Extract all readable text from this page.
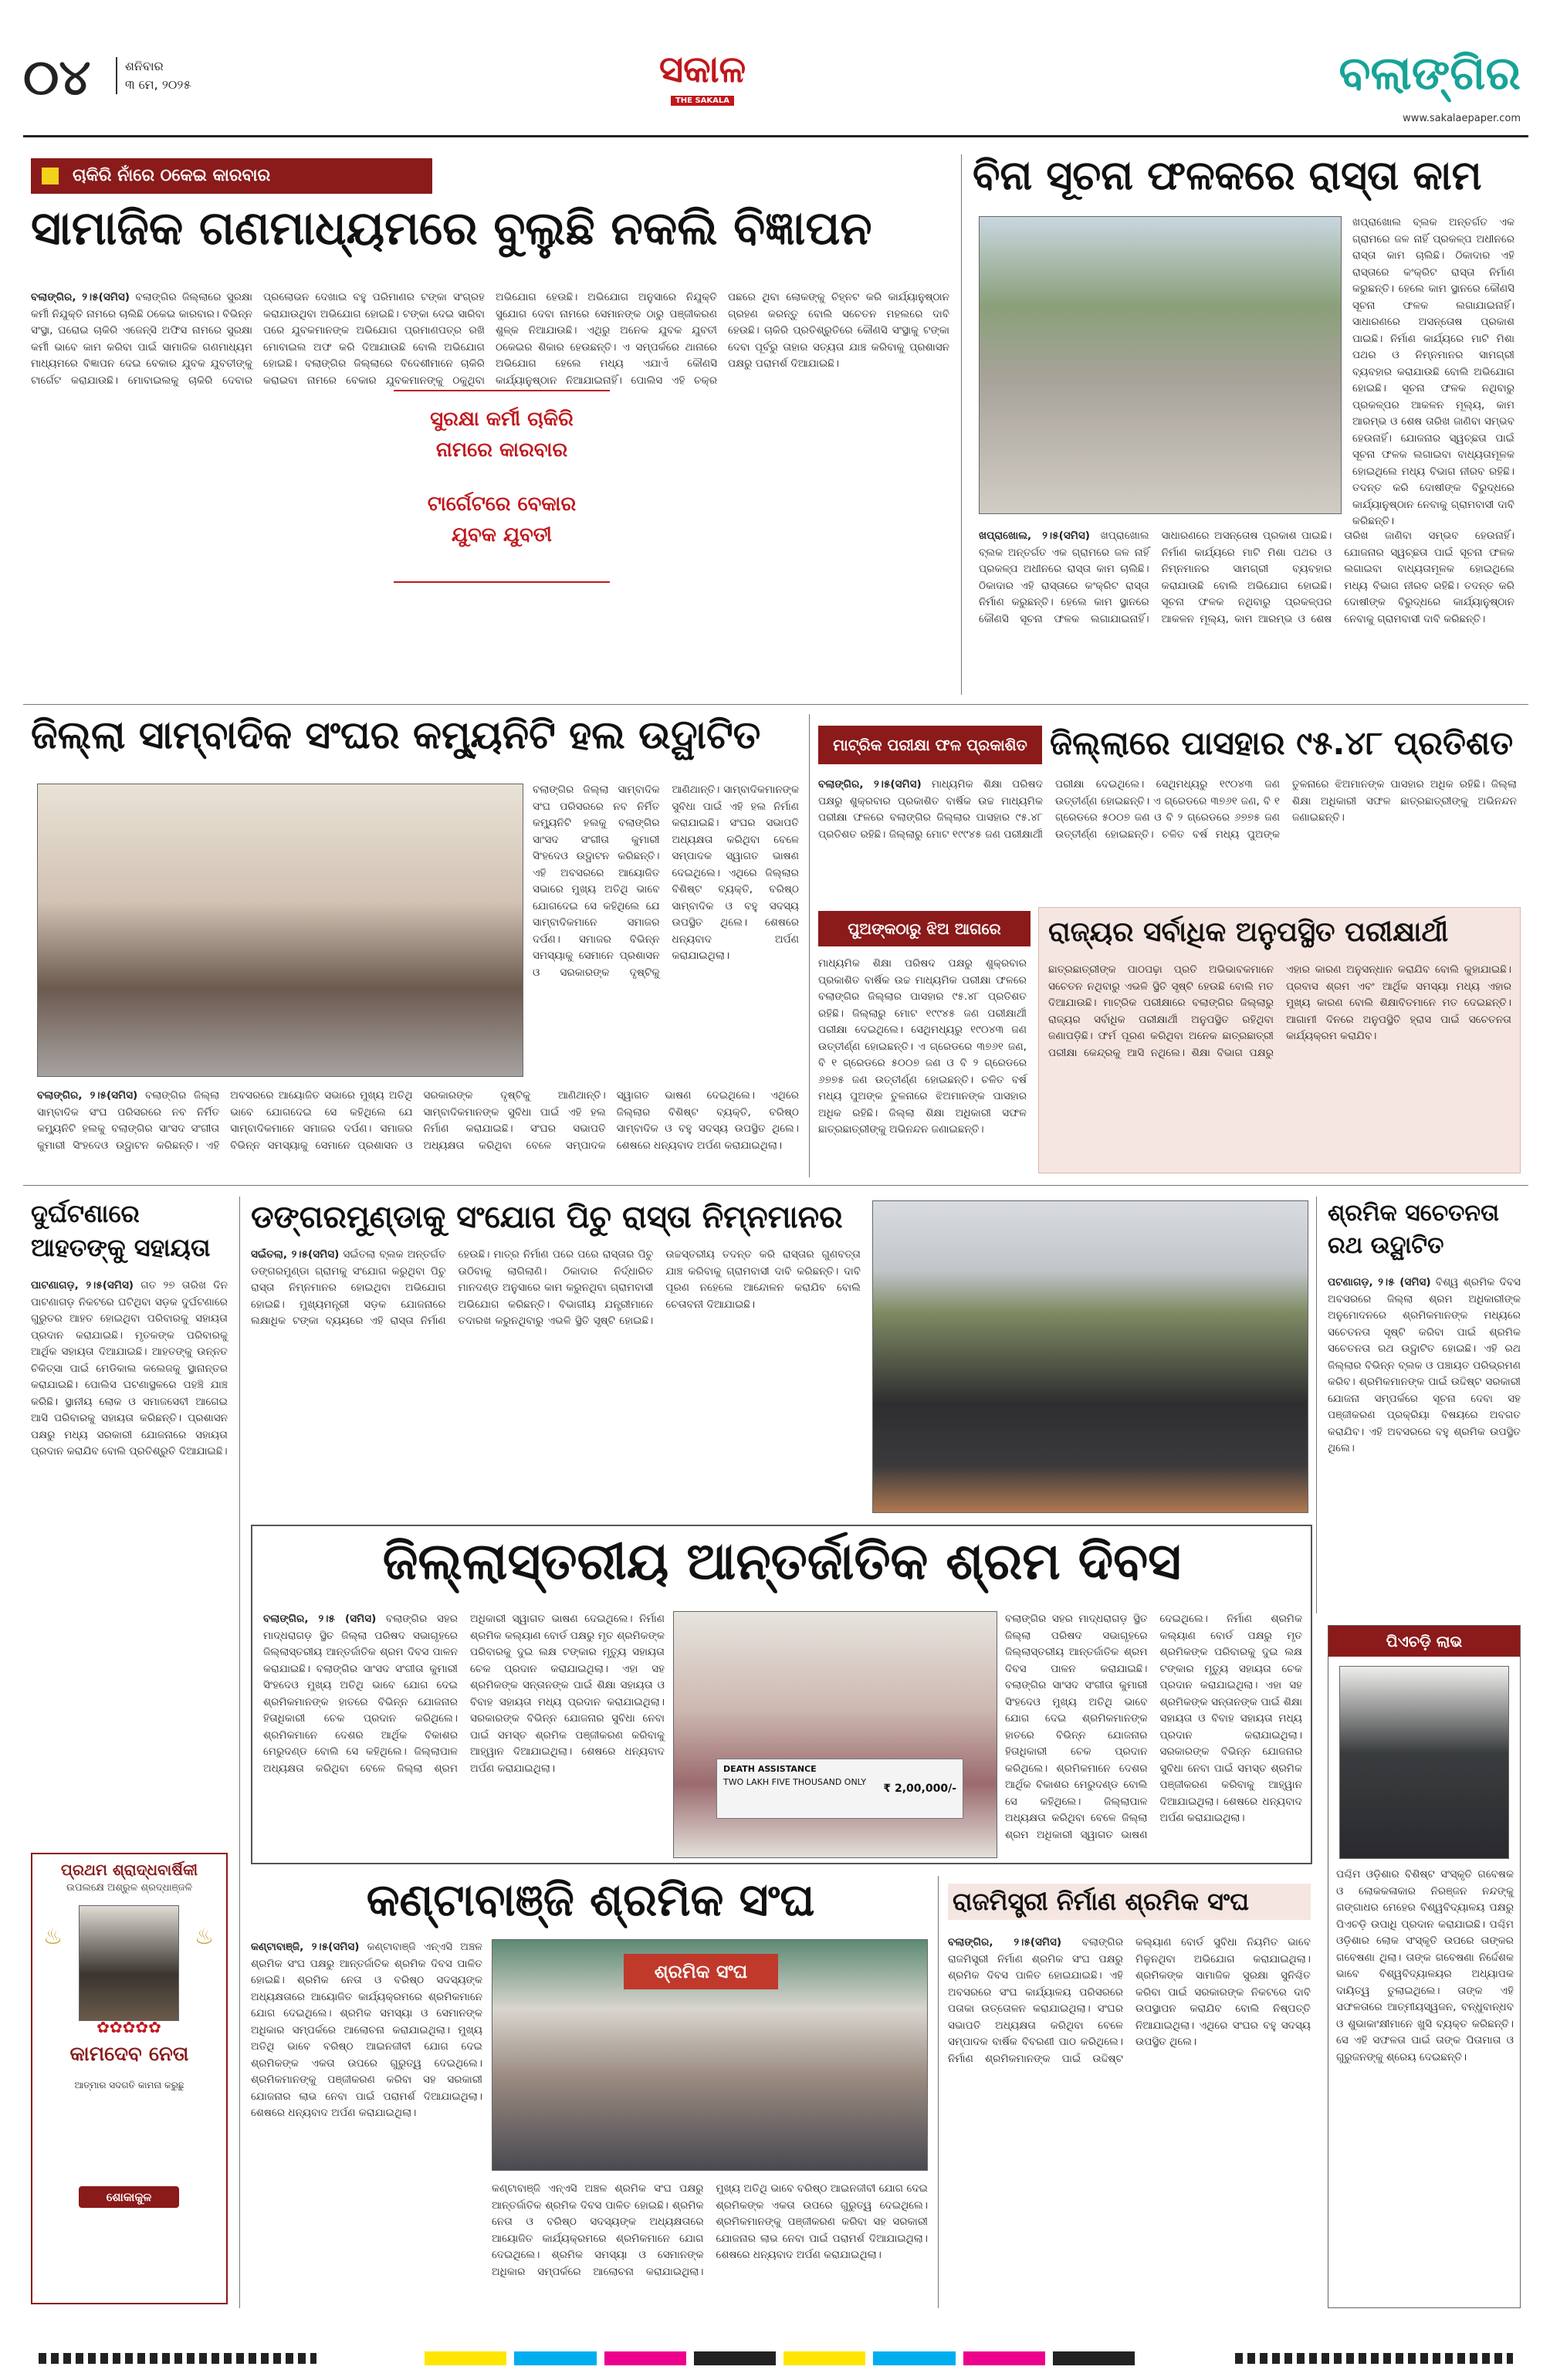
୦୪	ଶନିବାର
୩ ମେ, ୨୦୨୫	ସକାଳ
THE SAKALA
ବଲାଙ୍ଗିର
www.sakalaepaper.com
ଚାକିରି ନାଁରେ ଠକେଇ କାରବାର
ସାମାଜିକ ଗଣମାଧ୍ୟମରେ ବୁଲୁଛି ନକଲି ବିଜ୍ଞାପନ
ବଲାଙ୍ଗିର, ୨।୫(ସମିସ) ବଲାଙ୍ଗିର ଜିଲ୍ଲାରେ ସୁରକ୍ଷା କର୍ମୀ ନିଯୁକ୍ତି ନାମରେ ଚାଲିଛି ଠକେଇ କାରବାର। ବିଭିନ୍ନ ସଂସ୍ଥା, ଘରୋଇ ଚାକିରି ଏଜେନ୍ସି ଅଫିସ ନାମରେ ସୁରକ୍ଷା କର୍ମୀ ଭାବେ କାମ କରିବା ପାଇଁ ସାମାଜିକ ଗଣମାଧ୍ୟମ ମାଧ୍ୟମରେ ବିଜ୍ଞାପନ ଦେଇ ବେକାର ଯୁବକ ଯୁବତୀଙ୍କୁ ଟାର୍ଗେଟ କରାଯାଉଛି। ମୋବାଇଲକୁ ଚାକିରି ଦେବାର ପ୍ରଲୋଭନ ଦେଖାଇ ବହୁ ପରିମାଣର ଟଙ୍କା ସଂଗ୍ରହ କରାଯାଉଥିବା ଅଭିଯୋଗ ହୋଇଛି। ଟଙ୍କା ଦେଇ ସାରିବା ପରେ ଯୁବକମାନଙ୍କ ଅଭିଯୋଗ ପ୍ରମାଣପତ୍ର ରଖି ମୋବାଇଲ ଅଫ କରି ଦିଆଯାଉଛି ବୋଲି ଅଭିଯୋଗ ହୋଇଛି। ବଲାଙ୍ଗିର ଜିଲ୍ଲାରେ ବିଦେଶୀମାନେ ଚାକିରି କରାଇବା ନାମରେ ବେକାର ଯୁବକମାନଙ୍କୁ ଠକୁଥିବା ଅଭିଯୋଗ ହେଉଛି। ଅଭିଯୋଗ ଅନୁସାରେ ନିଯୁକ୍ତି ସୁଯୋଗ ଦେବା ନାମରେ ସେମାନଙ୍କ ଠାରୁ ପଞ୍ଜୀକରଣ ଶୁଳ୍କ ନିଆଯାଉଛି। ଏଥିରୁ ଅନେକ ଯୁବକ ଯୁବତୀ ଠକେଇର ଶିକାର ହେଉଛନ୍ତି। ଏ ସମ୍ପର୍କରେ ଥାନାରେ ଅଭିଯୋଗ ହେଲେ ମଧ୍ୟ ଏଯାଏଁ କୌଣସି କାର୍ଯ୍ୟାନୁଷ୍ଠାନ ନିଆଯାଇନାହିଁ। ପୋଲିସ ଏହି ଚକ୍ର ପଛରେ ଥିବା ଲୋକଙ୍କୁ ଚିହ୍ନଟ କରି କାର୍ଯ୍ୟାନୁଷ୍ଠାନ ଗ୍ରହଣ କରନ୍ତୁ ବୋଲି ସଚେତନ ମହଲରେ ଦାବି ହେଉଛି। ଚାକିରି ପ୍ରତିଶ୍ରୁତିରେ କୌଣସି ସଂସ୍ଥାକୁ ଟଙ୍କା ଦେବା ପୂର୍ବରୁ ତାହାର ସତ୍ୟତା ଯାଞ୍ଚ କରିବାକୁ ପ୍ରଶାସନ ପକ୍ଷରୁ ପରାମର୍ଶ ଦିଆଯାଇଛି।
ସୁରକ୍ଷା କର୍ମୀ ଚାକିରି
ନାମରେ କାରବାର
ଟାର୍ଗେଟରେ ବେକାର
ଯୁବକ ଯୁବତୀ
ବିନା ସୂଚନା ଫଳକରେ ରାସ୍ତା କାମ
ଖପ୍ରାଖୋଲ ବ୍ଲକ ଅନ୍ତର୍ଗତ ଏକ ଗ୍ରାମରେ ଜଳ ନାହିଁ ପ୍ରକଳ୍ପ ଅଧୀନରେ ରାସ୍ତା କାମ ଚାଲିଛି। ଠିକାଦାର ଏହି ରାସ୍ତାରେ କଂକ୍ରିଟ ରାସ୍ତା ନିର୍ମାଣ କରୁଛନ୍ତି। ହେଲେ କାମ ସ୍ଥାନରେ କୌଣସି ସୂଚନା ଫଳକ ଲଗାଯାଇନାହିଁ। ସାଧାରଣରେ ଅସନ୍ତୋଷ ପ୍ରକାଶ ପାଇଛି। ନିର୍ମାଣ କାର୍ଯ୍ୟରେ ମାଟି ମିଶା ପଥର ଓ ନିମ୍ନମାନର ସାମଗ୍ରୀ ବ୍ୟବହାର କରାଯାଉଛି ବୋଲି ଅଭିଯୋଗ ହୋଇଛି। ସୂଚନା ଫଳକ ନଥିବାରୁ ପ୍ରକଳ୍ପର ଆକଳନ ମୂଲ୍ୟ, କାମ ଆରମ୍ଭ ଓ ଶେଷ ତାରିଖ ଜାଣିବା ସମ୍ଭବ ହେଉନାହିଁ। ଯୋଜନାର ସ୍ୱଚ୍ଛତା ପାଇଁ ସୂଚନା ଫଳକ ଲଗାଇବା ବାଧ୍ୟତାମୂଳକ ହୋଇଥିଲେ ମଧ୍ୟ ବିଭାଗ ନୀରବ ରହିଛି। ତଦନ୍ତ କରି ଦୋଷୀଙ୍କ ବିରୁଦ୍ଧରେ କାର୍ଯ୍ୟାନୁଷ୍ଠାନ ନେବାକୁ ଗ୍ରାମବାସୀ ଦାବି କରିଛନ୍ତି।
ଖପ୍ରାଖୋଲ, ୨।୫(ସମିସ) ଖପ୍ରାଖୋଲ ବ୍ଲକ ଅନ୍ତର୍ଗତ ଏକ ଗ୍ରାମରେ ଜଳ ନାହିଁ ପ୍ରକଳ୍ପ ଅଧୀନରେ ରାସ୍ତା କାମ ଚାଲିଛି। ଠିକାଦାର ଏହି ରାସ୍ତାରେ କଂକ୍ରିଟ ରାସ୍ତା ନିର୍ମାଣ କରୁଛନ୍ତି। ହେଲେ କାମ ସ୍ଥାନରେ କୌଣସି ସୂଚନା ଫଳକ ଲଗାଯାଇନାହିଁ। ସାଧାରଣରେ ଅସନ୍ତୋଷ ପ୍ରକାଶ ପାଇଛି। ନିର୍ମାଣ କାର୍ଯ୍ୟରେ ମାଟି ମିଶା ପଥର ଓ ନିମ୍ନମାନର ସାମଗ୍ରୀ ବ୍ୟବହାର କରାଯାଉଛି ବୋଲି ଅଭିଯୋଗ ହୋଇଛି। ସୂଚନା ଫଳକ ନଥିବାରୁ ପ୍ରକଳ୍ପର ଆକଳନ ମୂଲ୍ୟ, କାମ ଆରମ୍ଭ ଓ ଶେଷ ତାରିଖ ଜାଣିବା ସମ୍ଭବ ହେଉନାହିଁ। ଯୋଜନାର ସ୍ୱଚ୍ଛତା ପାଇଁ ସୂଚନା ଫଳକ ଲଗାଇବା ବାଧ୍ୟତାମୂଳକ ହୋଇଥିଲେ ମଧ୍ୟ ବିଭାଗ ନୀରବ ରହିଛି। ତଦନ୍ତ କରି ଦୋଷୀଙ୍କ ବିରୁଦ୍ଧରେ କାର୍ଯ୍ୟାନୁଷ୍ଠାନ ନେବାକୁ ଗ୍ରାମବାସୀ ଦାବି କରିଛନ୍ତି।
ଜିଲ୍ଲା ସାମ୍ବାଦିକ ସଂଘର କମ୍ୟୁନିଟି ହଲ ଉଦ୍ଘାଟିତ
ବଲାଙ୍ଗିର ଜିଲ୍ଲା ସାମ୍ବାଦିକ ସଂଘ ପରିସରରେ ନବ ନିର୍ମିତ କମ୍ୟୁନିଟି ହଲକୁ ବଲାଙ୍ଗିର ସାଂସଦ ସଂଗୀତା କୁମାରୀ ସିଂହଦେଓ ଉଦ୍ଘାଟନ କରିଛନ୍ତି। ଏହି ଅବସରରେ ଆୟୋଜିତ ସଭାରେ ମୁଖ୍ୟ ଅତିଥି ଭାବେ ଯୋଗଦେଇ ସେ କହିଥିଲେ ଯେ ସାମ୍ବାଦିକମାନେ ସମାଜର ଦର୍ପଣ। ସମାଜର ବିଭିନ୍ନ ସମସ୍ୟାକୁ ସେମାନେ ପ୍ରଶାସନ ଓ ସରକାରଙ୍କ ଦୃଷ୍ଟିକୁ ଆଣିଥାନ୍ତି। ସାମ୍ବାଦିକମାନଙ୍କ ସୁବିଧା ପାଇଁ ଏହି ହଲ ନିର୍ମାଣ କରାଯାଇଛି। ସଂଘର ସଭାପତି ଅଧ୍ୟକ୍ଷତା କରିଥିବା ବେଳେ ସମ୍ପାଦକ ସ୍ୱାଗତ ଭାଷଣ ଦେଇଥିଲେ। ଏଥିରେ ଜିଲ୍ଲାର ବିଶିଷ୍ଟ ବ୍ୟକ୍ତି, ବରିଷ୍ଠ ସାମ୍ବାଦିକ ଓ ବହୁ ସଦସ୍ୟ ଉପସ୍ଥିତ ଥିଲେ। ଶେଷରେ ଧନ୍ୟବାଦ ଅର୍ପଣ କରାଯାଇଥିଲା।
ବଲାଙ୍ଗିର, ୨।୫(ସମିସ) ବଲାଙ୍ଗିର ଜିଲ୍ଲା ସାମ୍ବାଦିକ ସଂଘ ପରିସରରେ ନବ ନିର୍ମିତ କମ୍ୟୁନିଟି ହଲକୁ ବଲାଙ୍ଗିର ସାଂସଦ ସଂଗୀତା କୁମାରୀ ସିଂହଦେଓ ଉଦ୍ଘାଟନ କରିଛନ୍ତି। ଏହି ଅବସରରେ ଆୟୋଜିତ ସଭାରେ ମୁଖ୍ୟ ଅତିଥି ଭାବେ ଯୋଗଦେଇ ସେ କହିଥିଲେ ଯେ ସାମ୍ବାଦିକମାନେ ସମାଜର ଦର୍ପଣ। ସମାଜର ବିଭିନ୍ନ ସମସ୍ୟାକୁ ସେମାନେ ପ୍ରଶାସନ ଓ ସରକାରଙ୍କ ଦୃଷ୍ଟିକୁ ଆଣିଥାନ୍ତି। ସାମ୍ବାଦିକମାନଙ୍କ ସୁବିଧା ପାଇଁ ଏହି ହଲ ନିର୍ମାଣ କରାଯାଇଛି। ସଂଘର ସଭାପତି ଅଧ୍ୟକ୍ଷତା କରିଥିବା ବେଳେ ସମ୍ପାଦକ ସ୍ୱାଗତ ଭାଷଣ ଦେଇଥିଲେ। ଏଥିରେ ଜିଲ୍ଲାର ବିଶିଷ୍ଟ ବ୍ୟକ୍ତି, ବରିଷ୍ଠ ସାମ୍ବାଦିକ ଓ ବହୁ ସଦସ୍ୟ ଉପସ୍ଥିତ ଥିଲେ। ଶେଷରେ ଧନ୍ୟବାଦ ଅର୍ପଣ କରାଯାଇଥିଲା।
ମାଟ୍ରିକ ପରୀକ୍ଷା ଫଳ ପ୍ରକାଶିତ ଜିଲ୍ଲାରେ ପାସହାର ୯୫.୪୮ ପ୍ରତିଶତ
ବଲାଙ୍ଗିର, ୨।୫(ସମିସ) ମାଧ୍ୟମିକ ଶିକ୍ଷା ପରିଷଦ ପକ୍ଷରୁ ଶୁକ୍ରବାର ପ୍ରକାଶିତ ବାର୍ଷିକ ଉଚ୍ଚ ମାଧ୍ୟମିକ ପରୀକ୍ଷା ଫଳରେ ବଲାଙ୍ଗିର ଜିଲ୍ଲାର ପାସହାର ୯୫.୪୮ ପ୍ରତିଶତ ରହିଛି। ଜିଲ୍ଲାରୁ ମୋଟ ୧୯୯୪୫ ଜଣ ପରୀକ୍ଷାର୍ଥୀ ପରୀକ୍ଷା ଦେଇଥିଲେ। ସେଥିମଧ୍ୟରୁ ୧୯୦୪୩ ଜଣ ଉତ୍ତୀର୍ଣ୍ଣ ହୋଇଛନ୍ତି। ଏ ଗ୍ରେଡରେ ୩୭୬୧ ଜଣ, ବି ୧ ଗ୍ରେଡରେ ୫୦୦୭ ଜଣ ଓ ବି ୨ ଗ୍ରେଡରେ ୬୭୭୫ ଜଣ ଉତ୍ତୀର୍ଣ୍ଣ ହୋଇଛନ୍ତି। ଚଳିତ ବର୍ଷ ମଧ୍ୟ ପୁଅଙ୍କ ତୁଳନାରେ ଝିଅମାନଙ୍କ ପାସହାର ଅଧିକ ରହିଛି। ଜିଲ୍ଲା ଶିକ୍ଷା ଅଧିକାରୀ ସଫଳ ଛାତ୍ରଛାତ୍ରୀଙ୍କୁ ଅଭିନନ୍ଦନ ଜଣାଇଛନ୍ତି।
ପୁଅଙ୍କଠାରୁ ଝିଅ ଆଗରେ
ମାଧ୍ୟମିକ ଶିକ୍ଷା ପରିଷଦ ପକ୍ଷରୁ ଶୁକ୍ରବାର ପ୍ରକାଶିତ ବାର୍ଷିକ ଉଚ୍ଚ ମାଧ୍ୟମିକ ପରୀକ୍ଷା ଫଳରେ ବଲାଙ୍ଗିର ଜିଲ୍ଲାର ପାସହାର ୯୫.୪୮ ପ୍ରତିଶତ ରହିଛି। ଜିଲ୍ଲାରୁ ମୋଟ ୧୯୯୪୫ ଜଣ ପରୀକ୍ଷାର୍ଥୀ ପରୀକ୍ଷା ଦେଇଥିଲେ। ସେଥିମଧ୍ୟରୁ ୧୯୦୪୩ ଜଣ ଉତ୍ତୀର୍ଣ୍ଣ ହୋଇଛନ୍ତି। ଏ ଗ୍ରେଡରେ ୩୭୬୧ ଜଣ, ବି ୧ ଗ୍ରେଡରେ ୫୦୦୭ ଜଣ ଓ ବି ୨ ଗ୍ରେଡରେ ୬୭୭୫ ଜଣ ଉତ୍ତୀର୍ଣ୍ଣ ହୋଇଛନ୍ତି। ଚଳିତ ବର୍ଷ ମଧ୍ୟ ପୁଅଙ୍କ ତୁଳନାରେ ଝିଅମାନଙ୍କ ପାସହାର ଅଧିକ ରହିଛି। ଜିଲ୍ଲା ଶିକ୍ଷା ଅଧିକାରୀ ସଫଳ ଛାତ୍ରଛାତ୍ରୀଙ୍କୁ ଅଭିନନ୍ଦନ ଜଣାଇଛନ୍ତି।
ରାଜ୍ୟର ସର୍ବାଧିକ ଅନୁପସ୍ଥିତ ପରୀକ୍ଷାର୍ଥୀ
ଛାତ୍ରଛାତ୍ରୀଙ୍କ ପାଠପଢ଼ା ପ୍ରତି ଅଭିଭାବକମାନେ ସଚେତନ ନଥିବାରୁ ଏଭଳି ସ୍ଥିତି ସୃଷ୍ଟି ହେଉଛି ବୋଲି ମତ ଦିଆଯାଉଛି। ମାଟ୍ରିକ ପରୀକ୍ଷାରେ ବଲାଙ୍ଗିର ଜିଲ୍ଲାରୁ ରାଜ୍ୟର ସର୍ବାଧିକ ପରୀକ୍ଷାର୍ଥୀ ଅନୁପସ୍ଥିତ ରହିଥିବା ଜଣାପଡ଼ିଛି। ଫର୍ମ ପୂରଣ କରିଥିବା ଅନେକ ଛାତ୍ରଛାତ୍ରୀ ପରୀକ୍ଷା କେନ୍ଦ୍ରକୁ ଆସି ନଥିଲେ। ଶିକ୍ଷା ବିଭାଗ ପକ୍ଷରୁ ଏହାର କାରଣ ଅନୁସନ୍ଧାନ କରାଯିବ ବୋଲି କୁହାଯାଇଛି। ପ୍ରବାସ ଶ୍ରମ ଏବଂ ଆର୍ଥିକ ସମସ୍ୟା ମଧ୍ୟ ଏହାର ମୁଖ୍ୟ କାରଣ ବୋଲି ଶିକ୍ଷାବିତମାନେ ମତ ଦେଇଛନ୍ତି। ଆଗାମୀ ଦିନରେ ଅନୁପସ୍ଥିତି ହ୍ରାସ ପାଇଁ ସଚେତନତା କାର୍ଯ୍ୟକ୍ରମ କରାଯିବ।
ଦୁର୍ଘଟଣାରେ
ଆହତଙ୍କୁ ସହାୟତା
ପାଟଣାଗଡ଼, ୨।୫(ସମିସ) ଗତ ୨୭ ତାରିଖ ଦିନ ପାଟଣାଗଡ଼ ନିକଟରେ ଘଟିଥିବା ସଡ଼କ ଦୁର୍ଘଟଣାରେ ଗୁରୁତର ଆହତ ହୋଇଥିବା ପରିବାରକୁ ସହାୟତା ପ୍ରଦାନ କରାଯାଇଛି। ମୃତକଙ୍କ ପରିବାରକୁ ଆର୍ଥିକ ସହାୟତା ଦିଆଯାଇଛି। ଆହତଙ୍କୁ ଉନ୍ନତ ଚିକିତ୍ସା ପାଇଁ ମେଡିକାଲ କଲେଜକୁ ସ୍ଥାନାନ୍ତର କରାଯାଇଛି। ପୋଲିସ ଘଟଣାସ୍ଥଳରେ ପହଞ୍ଚି ଯାଞ୍ଚ କରିଛି। ସ୍ଥାନୀୟ ଲୋକ ଓ ସମାଜସେବୀ ଆଗେଇ ଆସି ପରିବାରକୁ ସହାୟତା କରିଛନ୍ତି। ପ୍ରଶାସନ ପକ୍ଷରୁ ମଧ୍ୟ ସରକାରୀ ଯୋଜନାରେ ସହାୟତା ପ୍ରଦାନ କରାଯିବ ବୋଲି ପ୍ରତିଶ୍ରୁତି ଦିଆଯାଇଛି।
ଡଙ୍ଗରମୁଣ୍ଡାକୁ ସଂଯୋଗ ପିଚୁ ରାସ୍ତା ନିମ୍ନମାନର
ସଇଁତଲା, ୨।୫(ସମିସ) ସଇଁତଲା ବ୍ଲକ ଅନ୍ତର୍ଗତ ଡଙ୍ଗରମୁଣ୍ଡା ଗ୍ରାମକୁ ସଂଯୋଗ କରୁଥିବା ପିଚୁ ରାସ୍ତା ନିମ୍ନମାନର ହୋଇଥିବା ଅଭିଯୋଗ ହୋଇଛି। ମୁଖ୍ୟମନ୍ତ୍ରୀ ସଡ଼କ ଯୋଜନାରେ ଲକ୍ଷାଧିକ ଟଙ୍କା ବ୍ୟୟରେ ଏହି ରାସ୍ତା ନିର୍ମାଣ ହେଉଛି। ମାତ୍ର ନିର୍ମାଣ ପରେ ପରେ ରାସ୍ତାର ପିଚୁ ଉଠିବାକୁ ଲାଗିଲାଣି। ଠିକାଦାର ନିର୍ଦ୍ଧାରିତ ମାନଦଣ୍ଡ ଅନୁସାରେ କାମ କରୁନଥିବା ଗ୍ରାମବାସୀ ଅଭିଯୋଗ କରିଛନ୍ତି। ବିଭାଗୀୟ ଯନ୍ତ୍ରୀମାନେ ତଦାରଖ କରୁନଥିବାରୁ ଏଭଳି ସ୍ଥିତି ସୃଷ୍ଟି ହୋଇଛି। ଉଚ୍ଚସ୍ତରୀୟ ତଦନ୍ତ କରି ରାସ୍ତାର ଗୁଣବତ୍ତା ଯାଞ୍ଚ କରିବାକୁ ଗ୍ରାମବାସୀ ଦାବି କରିଛନ୍ତି। ଦାବି ପୂରଣ ନହେଲେ ଆନ୍ଦୋଳନ କରାଯିବ ବୋଲି ଚେତାବନୀ ଦିଆଯାଇଛି।
ଶ୍ରମିକ ସଚେତନତା
ରଥ ଉଦ୍ଘାଟିତ
ପଟଣାଗଡ଼, ୨।୫ (ସମିସ) ବିଶ୍ୱ ଶ୍ରମିକ ଦିବସ ଅବସରରେ ଜିଲ୍ଲା ଶ୍ରମ ଅଧିକାରୀଙ୍କ ଅନୁମୋଦନରେ ଶ୍ରମିକମାନଙ୍କ ମଧ୍ୟରେ ସଚେତନତା ସୃଷ୍ଟି କରିବା ପାଇଁ ଶ୍ରମିକ ସଚେତନତା ରଥ ଉଦ୍ଘାଟିତ ହୋଇଛି। ଏହି ରଥ ଜିଲ୍ଲାର ବିଭିନ୍ନ ବ୍ଲକ ଓ ପଞ୍ଚାୟତ ପରିଭ୍ରମଣ କରିବ। ଶ୍ରମିକମାନଙ୍କ ପାଇଁ ଉଦ୍ଦିଷ୍ଟ ସରକାରୀ ଯୋଜନା ସମ୍ପର୍କରେ ସୂଚନା ଦେବା ସହ ପଞ୍ଜୀକରଣ ପ୍ରକ୍ରିୟା ବିଷୟରେ ଅବଗତ କରାଯିବ। ଏହି ଅବସରରେ ବହୁ ଶ୍ରମିକ ଉପସ୍ଥିତ ଥିଲେ।
ଜିଲ୍ଲାସ୍ତରୀୟ ଆନ୍ତର୍ଜାତିକ ଶ୍ରମ ଦିବସ
ବଲାଙ୍ଗିର, ୨।୫ (ସମିସ) ବଲାଙ୍ଗିର ସହର ମାଦ୍ଧରାଗଡ଼ ସ୍ଥିତ ଜିଲ୍ଲା ପରିଷଦ ସଭାଗୃହରେ ଜିଲ୍ଲାସ୍ତରୀୟ ଆନ୍ତର୍ଜାତିକ ଶ୍ରମ ଦିବସ ପାଳନ କରାଯାଇଛି। ବଲାଙ୍ଗିର ସାଂସଦ ସଂଗୀତା କୁମାରୀ ସିଂହଦେଓ ମୁଖ୍ୟ ଅତିଥି ଭାବେ ଯୋଗ ଦେଇ ଶ୍ରମିକମାନଙ୍କ ହାତରେ ବିଭିନ୍ନ ଯୋଜନାର ହିତାଧିକାରୀ ଚେକ ପ୍ରଦାନ କରିଥିଲେ। ଶ୍ରମିକମାନେ ଦେଶର ଆର୍ଥିକ ବିକାଶର ମେରୁଦଣ୍ଡ ବୋଲି ସେ କହିଥିଲେ। ଜିଲ୍ଲାପାଳ ଅଧ୍ୟକ୍ଷତା କରିଥିବା ବେଳେ ଜିଲ୍ଲା ଶ୍ରମ ଅଧିକାରୀ ସ୍ୱାଗତ ଭାଷଣ ଦେଇଥିଲେ। ନିର୍ମାଣ ଶ୍ରମିକ କଲ୍ୟାଣ ବୋର୍ଡ ପକ୍ଷରୁ ମୃତ ଶ୍ରମିକଙ୍କ ପରିବାରକୁ ଦୁଇ ଲକ୍ଷ ଟଙ୍କାର ମୃତ୍ୟୁ ସହାୟତା ଚେକ ପ୍ରଦାନ କରାଯାଇଥିଲା। ଏହା ସହ ଶ୍ରମିକଙ୍କ ସନ୍ତାନଙ୍କ ପାଇଁ ଶିକ୍ଷା ସହାୟତା ଓ ବିବାହ ସହାୟତା ମଧ୍ୟ ପ୍ରଦାନ କରାଯାଇଥିଲା। ସରକାରଙ୍କ ବିଭିନ୍ନ ଯୋଜନାର ସୁବିଧା ନେବା ପାଇଁ ସମସ୍ତ ଶ୍ରମିକ ପଞ୍ଜୀକରଣ କରିବାକୁ ଆହ୍ୱାନ ଦିଆଯାଇଥିଲା। ଶେଷରେ ଧନ୍ୟବାଦ ଅର୍ପଣ କରାଯାଇଥିଲା।	DEATH ASSISTANCE
TWO LAKH FIVE THOUSAND ONLY
₹ 2,00,000/-
ବଲାଙ୍ଗିର ସହର ମାଦ୍ଧରାଗଡ଼ ସ୍ଥିତ ଜିଲ୍ଲା ପରିଷଦ ସଭାଗୃହରେ ଜିଲ୍ଲାସ୍ତରୀୟ ଆନ୍ତର୍ଜାତିକ ଶ୍ରମ ଦିବସ ପାଳନ କରାଯାଇଛି। ବଲାଙ୍ଗିର ସାଂସଦ ସଂଗୀତା କୁମାରୀ ସିଂହଦେଓ ମୁଖ୍ୟ ଅତିଥି ଭାବେ ଯୋଗ ଦେଇ ଶ୍ରମିକମାନଙ୍କ ହାତରେ ବିଭିନ୍ନ ଯୋଜନାର ହିତାଧିକାରୀ ଚେକ ପ୍ରଦାନ କରିଥିଲେ। ଶ୍ରମିକମାନେ ଦେଶର ଆର୍ଥିକ ବିକାଶର ମେରୁଦଣ୍ଡ ବୋଲି ସେ କହିଥିଲେ। ଜିଲ୍ଲାପାଳ ଅଧ୍ୟକ୍ଷତା କରିଥିବା ବେଳେ ଜିଲ୍ଲା ଶ୍ରମ ଅଧିକାରୀ ସ୍ୱାଗତ ଭାଷଣ ଦେଇଥିଲେ। ନିର୍ମାଣ ଶ୍ରମିକ କଲ୍ୟାଣ ବୋର୍ଡ ପକ୍ଷରୁ ମୃତ ଶ୍ରମିକଙ୍କ ପରିବାରକୁ ଦୁଇ ଲକ୍ଷ ଟଙ୍କାର ମୃତ୍ୟୁ ସହାୟତା ଚେକ ପ୍ରଦାନ କରାଯାଇଥିଲା। ଏହା ସହ ଶ୍ରମିକଙ୍କ ସନ୍ତାନଙ୍କ ପାଇଁ ଶିକ୍ଷା ସହାୟତା ଓ ବିବାହ ସହାୟତା ମଧ୍ୟ ପ୍ରଦାନ କରାଯାଇଥିଲା। ସରକାରଙ୍କ ବିଭିନ୍ନ ଯୋଜନାର ସୁବିଧା ନେବା ପାଇଁ ସମସ୍ତ ଶ୍ରମିକ ପଞ୍ଜୀକରଣ କରିବାକୁ ଆହ୍ୱାନ ଦିଆଯାଇଥିଲା। ଶେଷରେ ଧନ୍ୟବାଦ ଅର୍ପଣ କରାଯାଇଥିଲା।
କଣ୍ଟାବାଞ୍ଜି ଶ୍ରମିକ ସଂଘ
କଣ୍ଟାବାଞ୍ଜି, ୨।୫(ସମିସ) କଣ୍ଟାବାଞ୍ଜି ଏନ୍‌ଏସି ଅଞ୍ଚଳ ଶ୍ରମିକ ସଂଘ ପକ୍ଷରୁ ଆନ୍ତର୍ଜାତିକ ଶ୍ରମିକ ଦିବସ ପାଳିତ ହୋଇଛି। ଶ୍ରମିକ ନେତା ଓ ବରିଷ୍ଠ ସଦସ୍ୟଙ୍କ ଅଧ୍ୟକ୍ଷତାରେ ଆୟୋଜିତ କାର୍ଯ୍ୟକ୍ରମରେ ଶ୍ରମିକମାନେ ଯୋଗ ଦେଇଥିଲେ। ଶ୍ରମିକ ସମସ୍ୟା ଓ ସେମାନଙ୍କ ଅଧିକାର ସମ୍ପର୍କରେ ଆଲୋଚନା କରାଯାଇଥିଲା। ମୁଖ୍ୟ ଅତିଥି ଭାବେ ବରିଷ୍ଠ ଆଇନଜୀବୀ ଯୋଗ ଦେଇ ଶ୍ରମିକଙ୍କ ଏକତା ଉପରେ ଗୁରୁତ୍ୱ ଦେଇଥିଲେ। ଶ୍ରମିକମାନଙ୍କୁ ପଞ୍ଜୀକରଣ କରିବା ସହ ସରକାରୀ ଯୋଜନାର ଲାଭ ନେବା ପାଇଁ ପରାମର୍ଶ ଦିଆଯାଇଥିଲା। ଶେଷରେ ଧନ୍ୟବାଦ ଅର୍ପଣ କରାଯାଇଥିଲା।
ଶ୍ରମିକ ସଂଘ
କଣ୍ଟାବାଞ୍ଜି ଏନ୍‌ଏସି ଅଞ୍ଚଳ ଶ୍ରମିକ ସଂଘ ପକ୍ଷରୁ ଆନ୍ତର୍ଜାତିକ ଶ୍ରମିକ ଦିବସ ପାଳିତ ହୋଇଛି। ଶ୍ରମିକ ନେତା ଓ ବରିଷ୍ଠ ସଦସ୍ୟଙ୍କ ଅଧ୍ୟକ୍ଷତାରେ ଆୟୋଜିତ କାର୍ଯ୍ୟକ୍ରମରେ ଶ୍ରମିକମାନେ ଯୋଗ ଦେଇଥିଲେ। ଶ୍ରମିକ ସମସ୍ୟା ଓ ସେମାନଙ୍କ ଅଧିକାର ସମ୍ପର୍କରେ ଆଲୋଚନା କରାଯାଇଥିଲା। ମୁଖ୍ୟ ଅତିଥି ଭାବେ ବରିଷ୍ଠ ଆଇନଜୀବୀ ଯୋଗ ଦେଇ ଶ୍ରମିକଙ୍କ ଏକତା ଉପରେ ଗୁରୁତ୍ୱ ଦେଇଥିଲେ। ଶ୍ରମିକମାନଙ୍କୁ ପଞ୍ଜୀକରଣ କରିବା ସହ ସରକାରୀ ଯୋଜନାର ଲାଭ ନେବା ପାଇଁ ପରାମର୍ଶ ଦିଆଯାଇଥିଲା। ଶେଷରେ ଧନ୍ୟବାଦ ଅର୍ପଣ କରାଯାଇଥିଲା।
ରାଜମିସ୍ତ୍ରୀ ନିର୍ମାଣ ଶ୍ରମିକ ସଂଘ
ବଲାଙ୍ଗିର, ୨।୫(ସମିସ) ବଲାଙ୍ଗିର ରାଜମିସ୍ତ୍ରୀ ନିର୍ମାଣ ଶ୍ରମିକ ସଂଘ ପକ୍ଷରୁ ଶ୍ରମିକ ଦିବସ ପାଳିତ ହୋଇଯାଇଛି। ଏହି ଅବସରରେ ସଂଘ କାର୍ଯ୍ୟାଳୟ ପରିସରରେ ପତାକା ଉତ୍ତୋଳନ କରାଯାଇଥିଲା। ସଂଘର ସଭାପତି ଅଧ୍ୟକ୍ଷତା କରିଥିବା ବେଳେ ସମ୍ପାଦକ ବାର୍ଷିକ ବିବରଣୀ ପାଠ କରିଥିଲେ। ନିର୍ମାଣ ଶ୍ରମିକମାନଙ୍କ ପାଇଁ ଉଦ୍ଦିଷ୍ଟ କଲ୍ୟାଣ ବୋର୍ଡ ସୁବିଧା ନିୟମିତ ଭାବେ ମିଳୁନଥିବା ଅଭିଯୋଗ କରାଯାଇଥିଲା। ଶ୍ରମିକଙ୍କ ସାମାଜିକ ସୁରକ୍ଷା ସୁନିଶ୍ଚିତ କରିବା ପାଇଁ ସରକାରଙ୍କ ନିକଟରେ ଦାବି ଉପସ୍ଥାପନ କରାଯିବ ବୋଲି ନିଷ୍ପତ୍ତି ନିଆଯାଇଥିଲା। ଏଥିରେ ସଂଘର ବହୁ ସଦସ୍ୟ ଉପସ୍ଥିତ ଥିଲେ।
ପିଏଚଡ଼ି ଲାଭ
ପଶ୍ଚିମ ଓଡ଼ିଶାର ବିଶିଷ୍ଟ ସଂସ୍କୃତି ଗବେଷକ ଓ ଲୋକକଳାକାର ନିରଞ୍ଜନ ନନ୍ଦଙ୍କୁ ଗଙ୍ଗାଧର ମେହେର ବିଶ୍ୱବିଦ୍ୟାଳୟ ପକ୍ଷରୁ ପିଏଚଡ଼ି ଉପାଧି ପ୍ରଦାନ କରାଯାଇଛି। ପଶ୍ଚିମ ଓଡ଼ିଶାର ଲୋକ ସଂସ୍କୃତି ଉପରେ ତାଙ୍କର ଗବେଷଣା ଥିଲା। ତାଙ୍କ ଗବେଷଣା ନିର୍ଦ୍ଦେଶକ ଭାବେ ବିଶ୍ୱବିଦ୍ୟାଳୟର ଅଧ୍ୟାପକ ଦାୟିତ୍ୱ ତୁଲାଇଥିଲେ। ତାଙ୍କ ଏହି ସଫଳତାରେ ଆତ୍ମୀୟସ୍ୱଜନ, ବନ୍ଧୁବାନ୍ଧବ ଓ ଶୁଭାକାଂକ୍ଷୀମାନେ ଖୁସି ବ୍ୟକ୍ତ କରିଛନ୍ତି। ସେ ଏହି ସଫଳତା ପାଇଁ ତାଙ୍କ ପିତାମାତା ଓ ଗୁରୁଜନଙ୍କୁ ଶ୍ରେୟ ଦେଇଛନ୍ତି।
ପ୍ରଥମ ଶ୍ରାଦ୍ଧବାର୍ଷିକୀ
ଉପଲକ୍ଷେ ଅଶ୍ରୁଳ ଶ୍ରଦ୍ଧାଞ୍ଜଳି
♨	♨
✿✿✿✿✿
କାମଦେବ ନେତା
ଆତ୍ମାର ସଦଗତି କାମନା କରୁଛୁ
ଶୋକାକୁଳ
